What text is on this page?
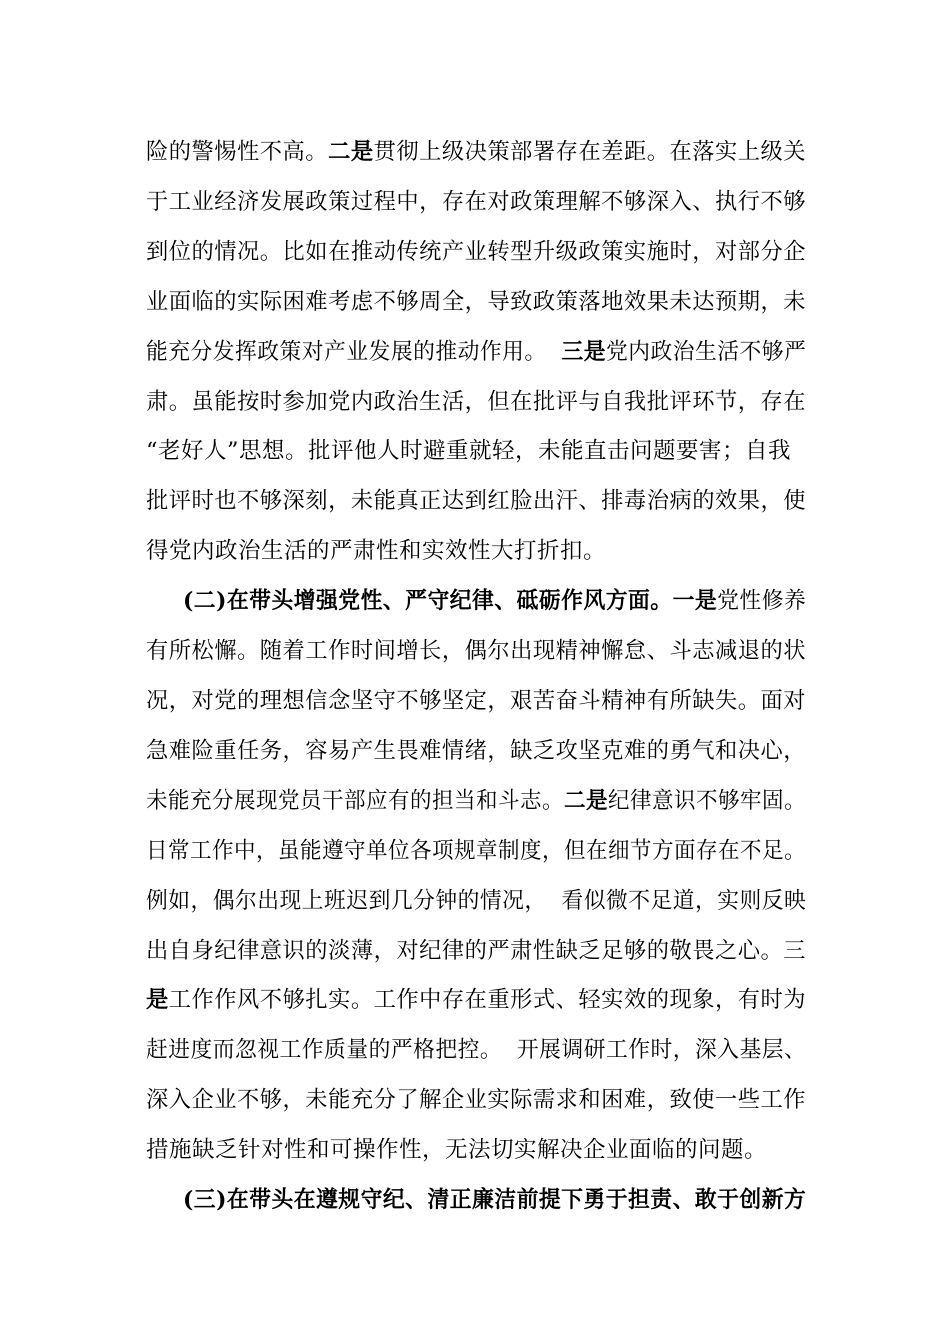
险的警惕性不高。二是贯彻上级决策部署存在差距。在落实上级关
于工业经济发展政策过程中，存在对政策理解不够深入、执行不够
到位的情况。比如在推动传统产业转型升级政策实施时，对部分企
业面临的实际困难考虑不够周全，导致政策落地效果未达预期，未
能充分发挥政策对产业发展的推动作用。  三是党内政治生活不够严
肃。虽能按时参加党内政治生活，但在批评与自我批评环节，存在
“老好人”思想。批评他人时避重就轻，未能直击问题要害；自我
批评时也不够深刻，未能真正达到红脸出汗、排毒治病的效果，使
得党内政治生活的严肃性和实效性大打折扣。
(二)在带头增强党性、严守纪律、砥砺作风方面。一是党性修养
有所松懈。随着工作时间增长，偶尔出现精神懈怠、斗志减退的状
况，对党的理想信念坚守不够坚定，艰苦奋斗精神有所缺失。面对
急难险重任务，容易产生畏难情绪，缺乏攻坚克难的勇气和决心，
未能充分展现党员干部应有的担当和斗志。二是纪律意识不够牢固。
日常工作中，虽能遵守单位各项规章制度，但在细节方面存在不足。
例如，偶尔出现上班迟到几分钟的情况，  看似微不足道，实则反映
出自身纪律意识的淡薄，对纪律的严肃性缺乏足够的敬畏之心。三
是工作作风不够扎实。工作中存在重形式、轻实效的现象，有时为
赶进度而忽视工作质量的严格把控。  开展调研工作时，深入基层、
深入企业不够，未能充分了解企业实际需求和困难，致使一些工作
措施缺乏针对性和可操作性，无法切实解决企业面临的问题。
(三)在带头在遵规守纪、清正廉洁前提下勇于担责、敢于创新方
